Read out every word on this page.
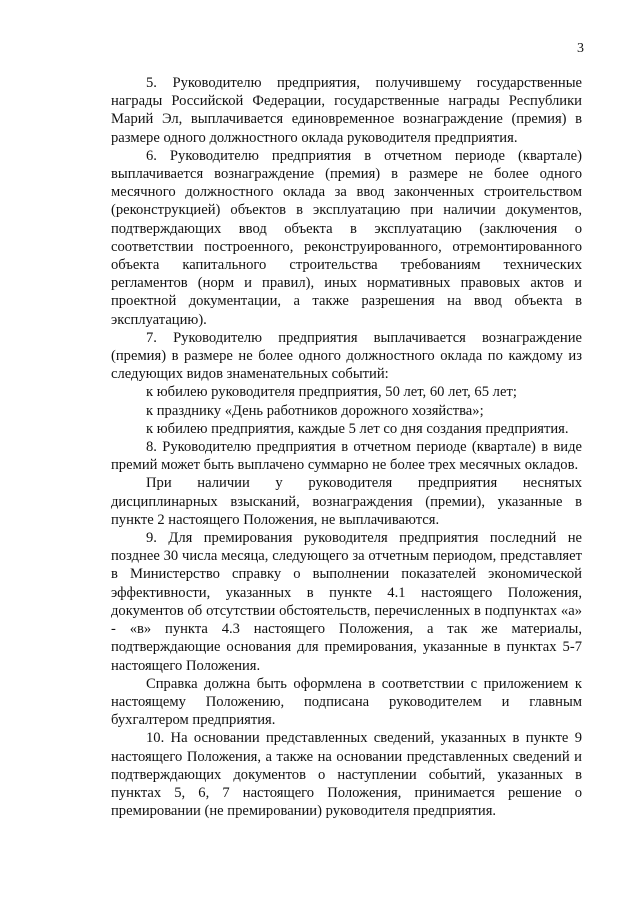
3

5. Руководителю предприятия, получившему государственные награды Российской Федерации, государственные награды Республики Марий Эл, выплачивается единовременное вознаграждение (премия) в размере одного должностного оклада руководителя предприятия.

6. Руководителю предприятия в отчетном периоде (квартале) выплачивается вознаграждение (премия) в размере не более одного месячного должностного оклада за ввод законченных строительством (реконструкцией) объектов в эксплуатацию при наличии документов, подтверждающих ввод объекта в эксплуатацию (заключения о соответствии построенного, реконструированного, отремонтированного объекта капитального строительства требованиям технических регламентов (норм и правил), иных нормативных правовых актов и проектной документации, а также разрешения на ввод объекта в эксплуатацию).

7. Руководителю предприятия выплачивается вознаграждение (премия) в размере не более одного должностного оклада по каждому из следующих видов знаменательных событий:

к юбилею руководителя предприятия, 50 лет, 60 лет, 65 лет;

к празднику «День работников дорожного хозяйства»;

к юбилею предприятия, каждые 5 лет со дня создания предприятия.

8. Руководителю предприятия в отчетном периоде (квартале) в виде премий может быть выплачено суммарно не более трех месячных окладов.

При наличии у руководителя предприятия неснятых дисциплинарных взысканий, вознаграждения (премии), указанные в пункте 2 настоящего Положения, не выплачиваются.

9. Для премирования руководителя предприятия последний не позднее 30 числа месяца, следующего за отчетным периодом, представляет в Министерство справку о выполнении показателей экономической эффективности, указанных в пункте 4.1 настоящего Положения, документов об отсутствии обстоятельств, перечисленных в подпунктах «а» - «в» пункта 4.3 настоящего Положения, а так же материалы, подтверждающие основания для премирования, указанные в пунктах 5-7 настоящего Положения.

Справка должна быть оформлена в соответствии с приложением к настоящему Положению, подписана руководителем и главным бухгалтером предприятия.

10. На основании представленных сведений, указанных в пункте 9 настоящего Положения, а также на основании представленных сведений и подтверждающих документов о наступлении событий, указанных в пунктах 5, 6, 7 настоящего Положения, принимается решение о премировании (не премировании) руководителя предприятия.
